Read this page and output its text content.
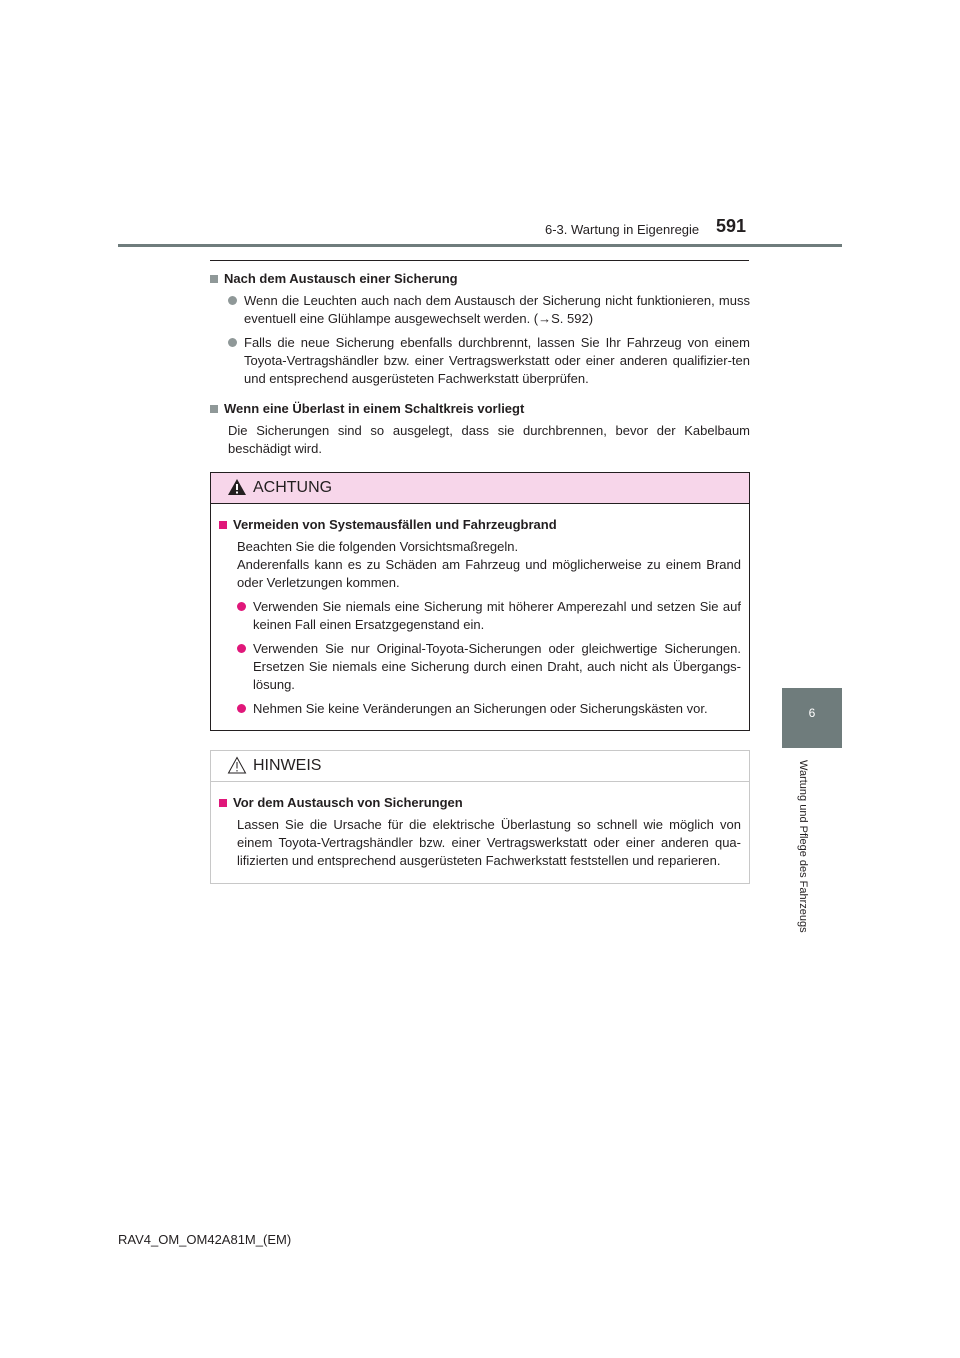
6-3. Wartung in Eigenregie 591
6
Wartung und Pflege des Fahrzeugs
Nach dem Austausch einer Sicherung
Wenn die Leuchten auch nach dem Austausch der Sicherung nicht funktionieren, muss eventuell eine Glühlampe ausgewechselt werden. (→S. 592)
Falls die neue Sicherung ebenfalls durchbrennt, lassen Sie Ihr Fahrzeug von einem Toyota-Vertragshändler bzw. einer Vertragswerkstatt oder einer anderen qualifizier-ten und entsprechend ausgerüsteten Fachwerkstatt überprüfen.
Wenn eine Überlast in einem Schaltkreis vorliegt
Die Sicherungen sind so ausgelegt, dass sie durchbrennen, bevor der Kabelbaum beschädigt wird.
ACHTUNG
Vermeiden von Systemausfällen und Fahrzeugbrand
Beachten Sie die folgenden Vorsichtsmaßregeln.
Anderenfalls kann es zu Schäden am Fahrzeug und möglicherweise zu einem Brand oder Verletzungen kommen.
Verwenden Sie niemals eine Sicherung mit höherer Amperezahl und setzen Sie auf keinen Fall einen Ersatzgegenstand ein.
Verwenden Sie nur Original-Toyota-Sicherungen oder gleichwertige Sicherungen. Ersetzen Sie niemals eine Sicherung durch einen Draht, auch nicht als Übergangs-lösung.
Nehmen Sie keine Veränderungen an Sicherungen oder Sicherungskästen vor.
HINWEIS
Vor dem Austausch von Sicherungen
Lassen Sie die Ursache für die elektrische Überlastung so schnell wie möglich von einem Toyota-Vertragshändler bzw. einer Vertragswerkstatt oder einer anderen qua-lifizierten und entsprechend ausgerüsteten Fachwerkstatt feststellen und reparieren.
RAV4_OM_OM42A81M_(EM)
